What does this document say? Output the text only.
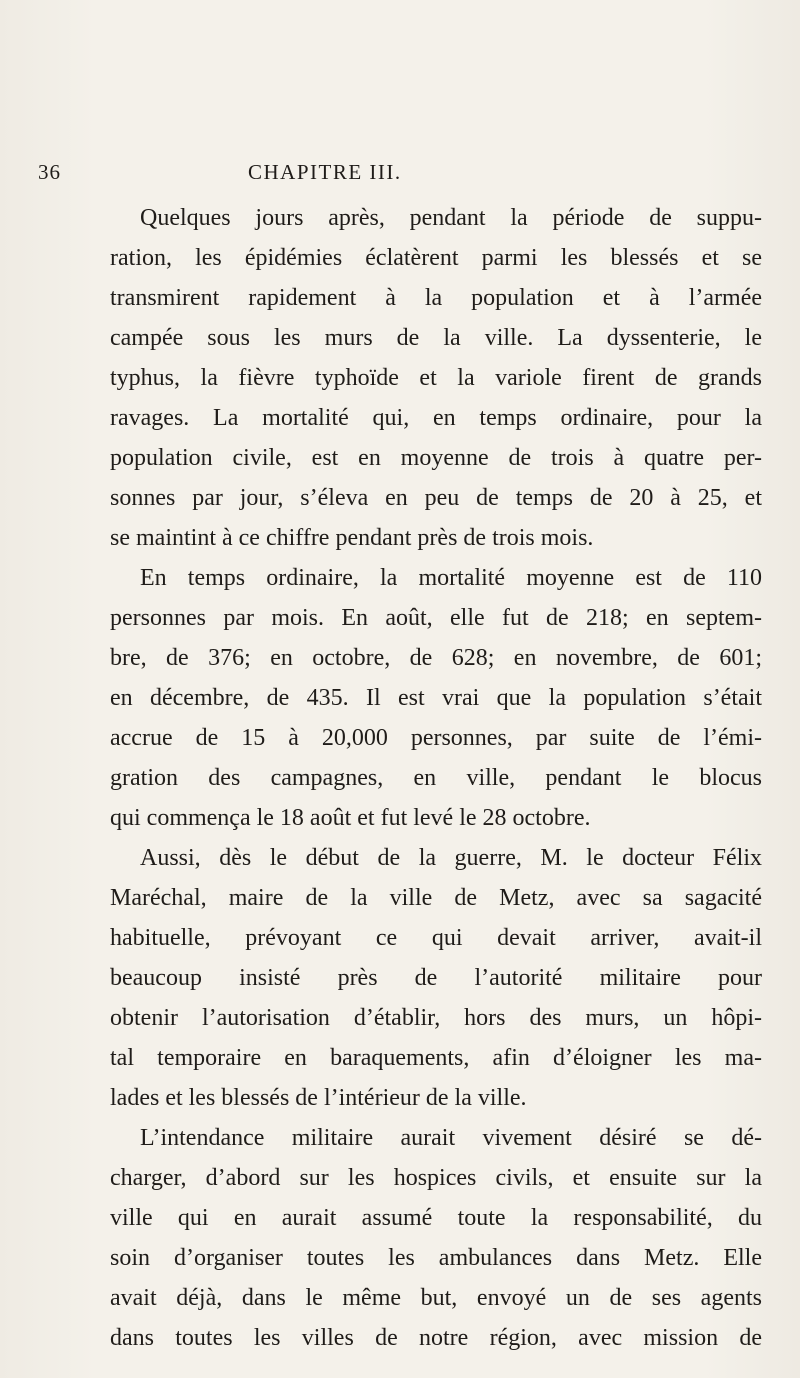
36	CHAPITRE III.
Quelques jours après, pendant la période de suppu-
ration, les épidémies éclatèrent parmi les blessés et se
transmirent rapidement à la population et à l’armée
campée sous les murs de la ville. La dyssenterie, le
typhus, la fièvre typhoïde et la variole firent de grands
ravages. La mortalité qui, en temps ordinaire, pour la
population civile, est en moyenne de trois à quatre per-
sonnes par jour, s’éleva en peu de temps de 20 à 25, et
se maintint à ce chiffre pendant près de trois mois.
En temps ordinaire, la mortalité moyenne est de 110
personnes par mois. En août, elle fut de 218; en septem-
bre, de 376; en octobre, de 628; en novembre, de 601;
en décembre, de 435. Il est vrai que la population s’était
accrue de 15 à 20,000 personnes, par suite de l’émi-
gration des campagnes, en ville, pendant le blocus
qui commença le 18 août et fut levé le 28 octobre.
Aussi, dès le début de la guerre, M. le docteur Félix
Maréchal, maire de la ville de Metz, avec sa sagacité
habituelle, prévoyant ce qui devait arriver, avait-il
beaucoup insisté près de l’autorité militaire pour
obtenir l’autorisation d’établir, hors des murs, un hôpi-
tal temporaire en baraquements, afin d’éloigner les ma-
lades et les blessés de l’intérieur de la ville.
L’intendance militaire aurait vivement désiré se dé-
charger, d’abord sur les hospices civils, et ensuite sur la
ville qui en aurait assumé toute la responsabilité, du
soin d’organiser toutes les ambulances dans Metz. Elle
avait déjà, dans le même but, envoyé un de ses agents
dans toutes les villes de notre région, avec mission de
